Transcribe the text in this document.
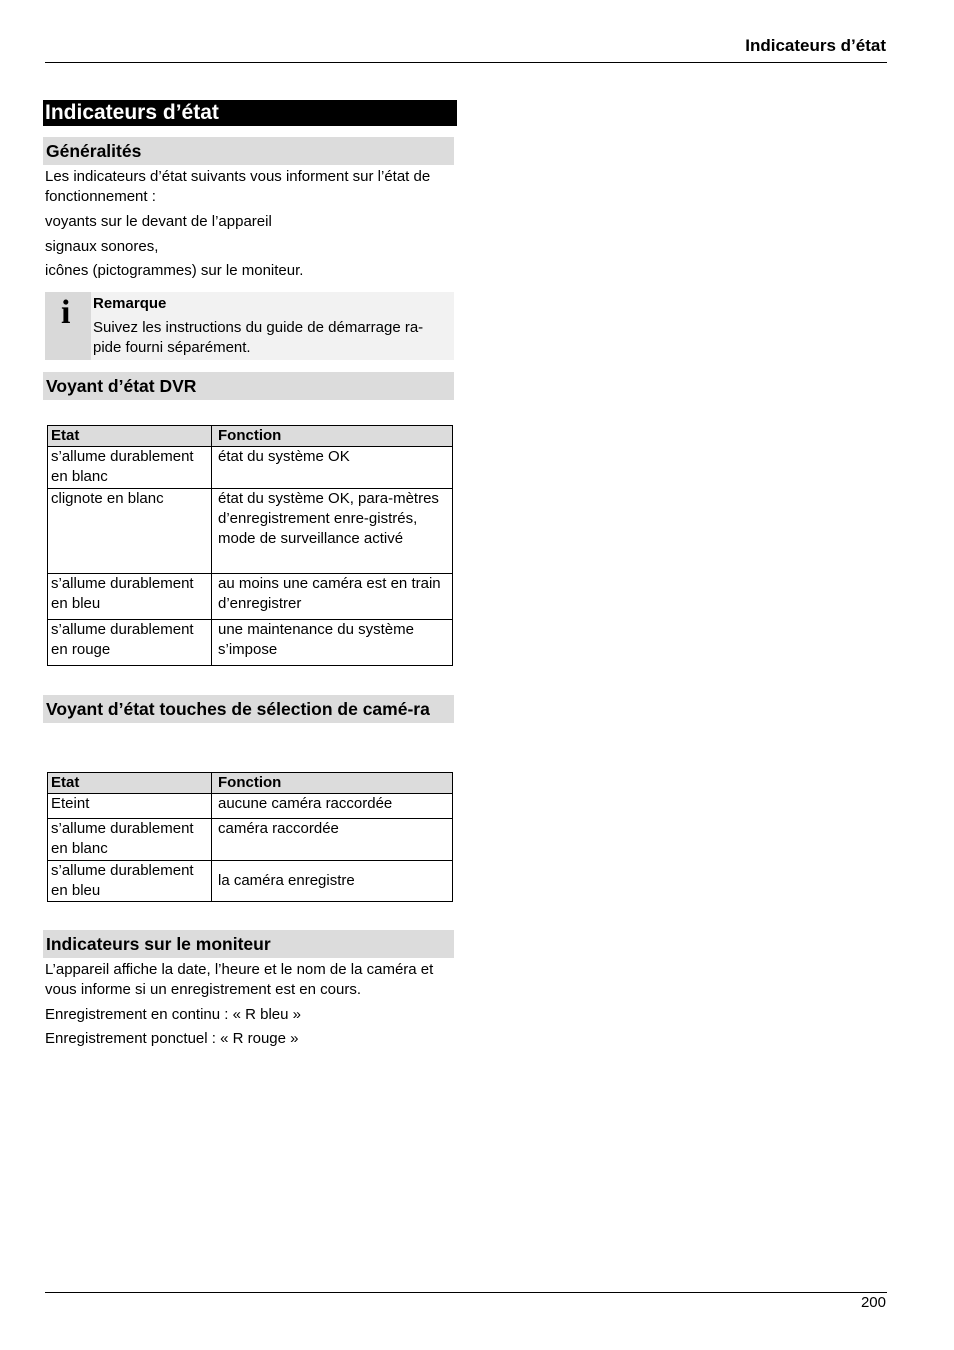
Indicateurs d’état
Indicateurs d’état
Généralités
Les indicateurs d’état suivants vous informent sur l’état de fonctionnement :
voyants sur le devant de l’appareil
signaux sonores,
icônes (pictogrammes) sur le moniteur.
i Remarque
Suivez les instructions du guide de démarrage ra-pide fourni séparément.
Voyant d’état DVR
Etat	Fonction
s’allume durablement en blanc	état du système OK
clignote en blanc	état du système OK, para-mètres d’enregistrement enre-gistrés, mode de surveillance activé
s’allume durablement en bleu	au moins une caméra est en train d’enregistrer
s’allume durablement en rouge	une maintenance du système s’impose
Voyant d’état touches de sélection de camé-ra
Etat	Fonction
Eteint	aucune caméra raccordée
s’allume durablement en blanc	caméra raccordée
s’allume durablement en bleu	la caméra enregistre
Indicateurs sur le moniteur
L’appareil affiche la date, l’heure et le nom de la caméra et vous informe si un enregistrement est en cours.
Enregistrement en continu : « R bleu »
Enregistrement ponctuel : « R rouge »
200
